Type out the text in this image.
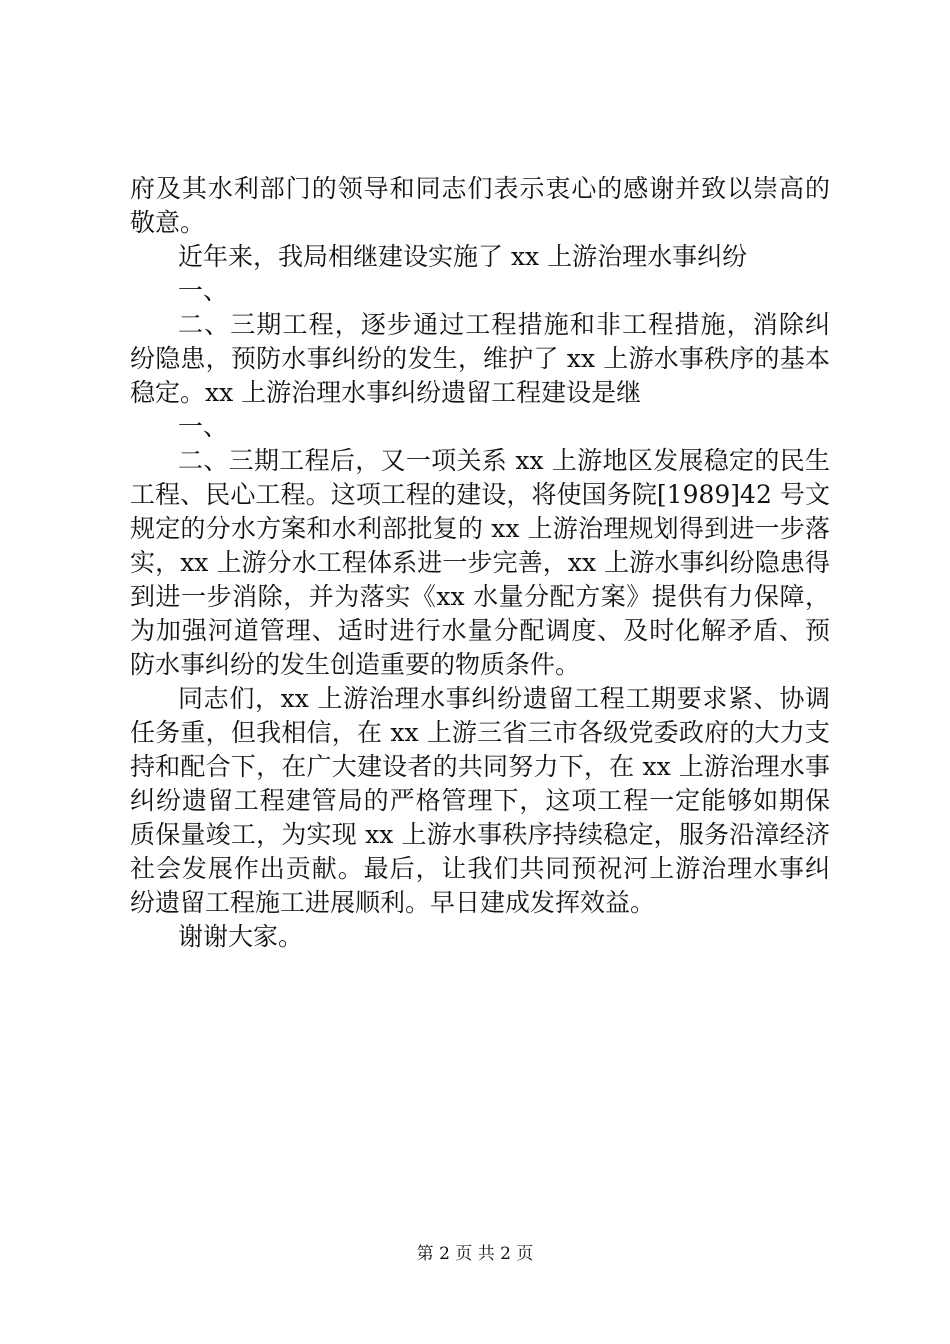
府及其水利部门的领导和同志们表示衷心的感谢并致以崇高的
敬意。
近年来，我局相继建设实施了 xx 上游治理水事纠纷
一、
二、三期工程，逐步通过工程措施和非工程措施，消除纠
纷隐患，预防水事纠纷的发生，维护了 xx 上游水事秩序的基本
稳定。xx 上游治理水事纠纷遗留工程建设是继
一、
二、三期工程后，又一项关系 xx 上游地区发展稳定的民生
工程、民心工程。这项工程的建设，将使国务院[1989]42 号文
规定的分水方案和水利部批复的 xx 上游治理规划得到进一步落
实，xx 上游分水工程体系进一步完善，xx 上游水事纠纷隐患得
到进一步消除，并为落实《xx 水量分配方案》提供有力保障，
为加强河道管理、适时进行水量分配调度、及时化解矛盾、预
防水事纠纷的发生创造重要的物质条件。
同志们，xx 上游治理水事纠纷遗留工程工期要求紧、协调
任务重，但我相信，在 xx 上游三省三市各级党委政府的大力支
持和配合下，在广大建设者的共同努力下，在 xx 上游治理水事
纠纷遗留工程建管局的严格管理下，这项工程一定能够如期保
质保量竣工，为实现 xx 上游水事秩序持续稳定，服务沿漳经济
社会发展作出贡献。最后，让我们共同预祝河上游治理水事纠
纷遗留工程施工进展顺利。早日建成发挥效益。
谢谢大家。
第 2 页 共 2 页
